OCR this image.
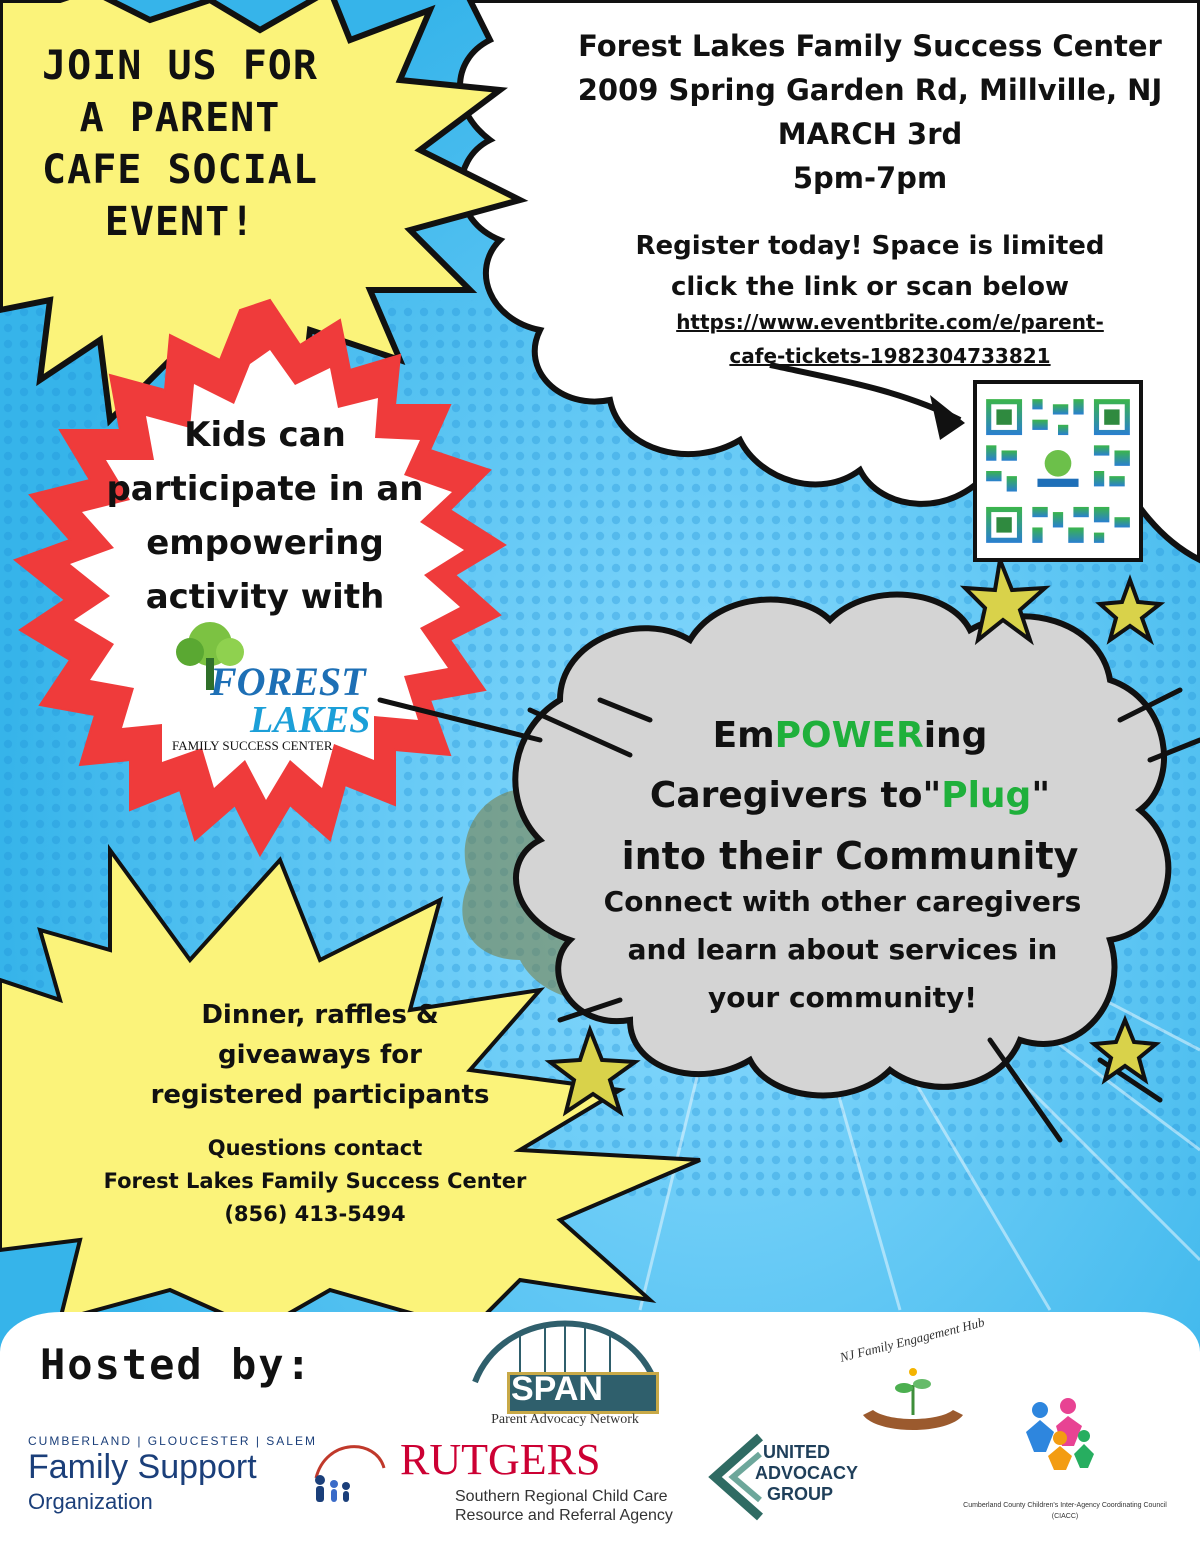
JOIN US FOR
A PARENT
CAFE SOCIAL
EVENT!
Forest Lakes Family Success Center
2009 Spring Garden Rd, Millville, NJ
MARCH 3rd
5pm-7pm
Register today! Space is limited
click the link or scan below
https://www.eventbrite.com/e/parent-
cafe-tickets-1982304733821
Kids can
participate in an
empowering
activity with
FOREST
LAKES
FAMILY SUCCESS CENTER	EmPOWERing
Caregivers to"Plug"
into their Community
Connect with other caregivers
and learn about services in
your community!
Dinner, raffles &
giveaways for
registered participants
Questions contact
Forest Lakes Family Success Center
(856) 413-5494
Hosted by:	SPAN
Parent Advocacy Network
NJ Family Engagement Hub
CUMBERLAND | GLOUCESTER | SALEM
Family Support
Organization
RUTGERS
Southern Regional Child Care
Resource and Referral Agency
UNITED
ADVOCACY
GROUP
Cumberland County Children's Inter-Agency Coordinating Council
(CIACC)
